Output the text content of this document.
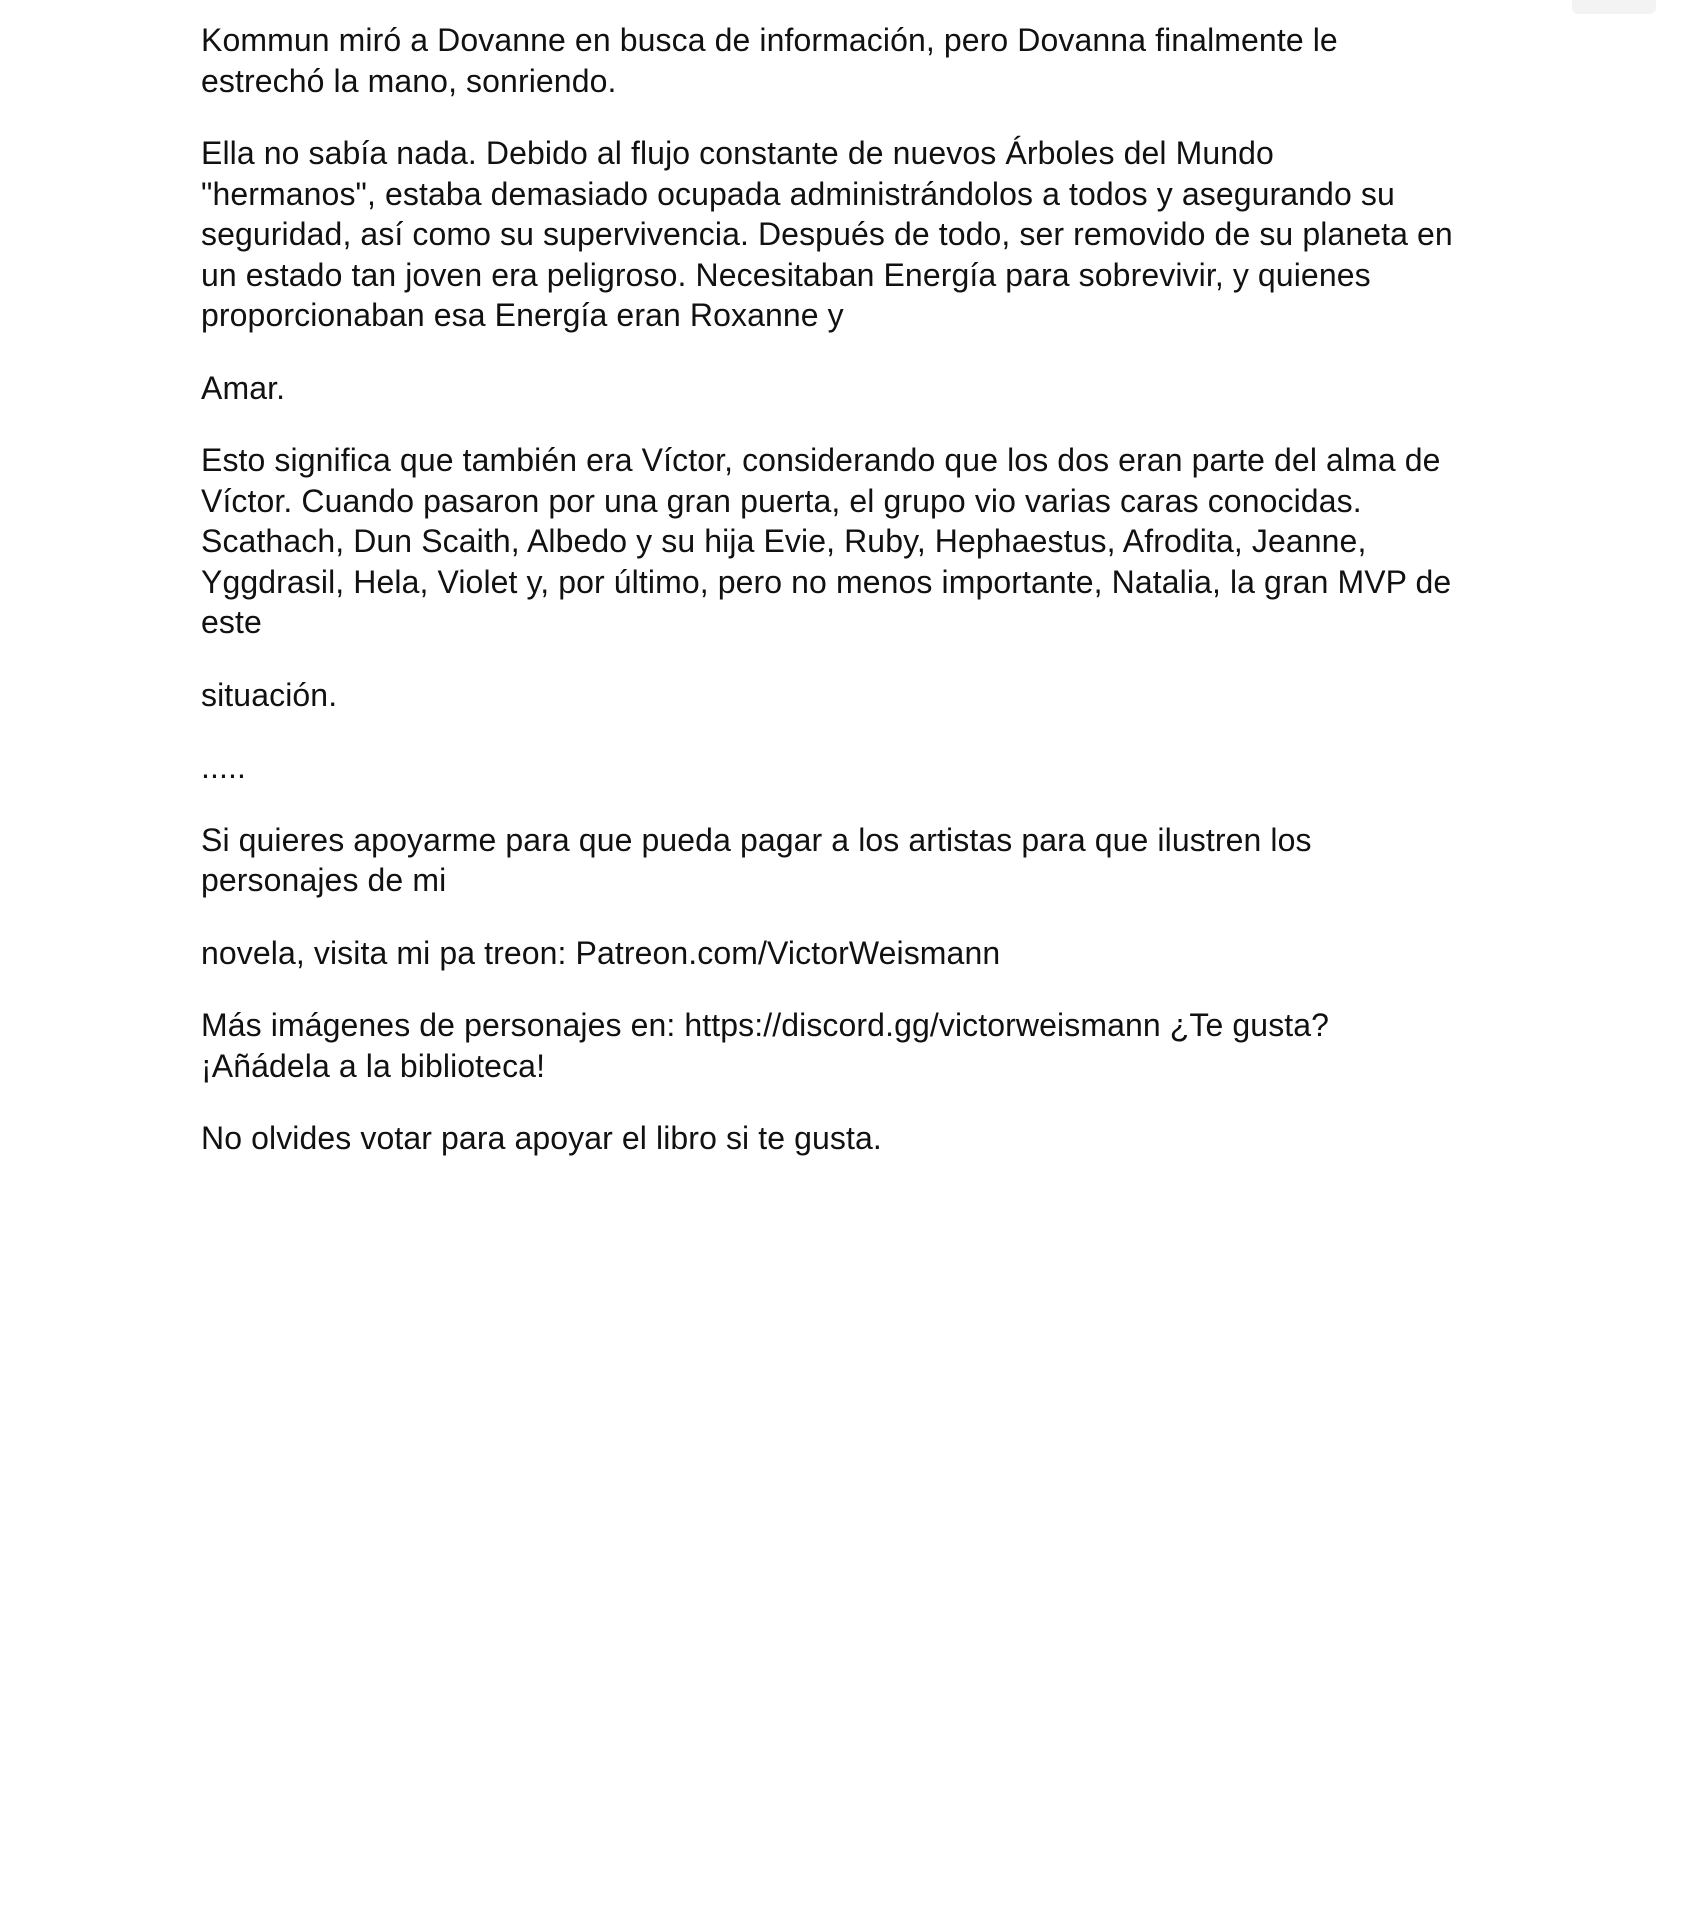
Kommun miró a Dovanne en busca de información, pero Dovanna finalmente le
estrechó la mano, sonriendo.

Ella no sabía nada. Debido al flujo constante de nuevos Árboles del Mundo
"hermanos", estaba demasiado ocupada administrándolos a todos y asegurando su
seguridad, así como su supervivencia. Después de todo, ser removido de su planeta en
un estado tan joven era peligroso. Necesitaban Energía para sobrevivir, y quienes
proporcionaban esa Energía eran Roxanne y

Amar.

Esto significa que también era Víctor, considerando que los dos eran parte del alma de
Víctor. Cuando pasaron por una gran puerta, el grupo vio varias caras conocidas.
Scathach, Dun Scaith, Albedo y su hija Evie, Ruby, Hephaestus, Afrodita, Jeanne,
Yggdrasil, Hela, Violet y, por último, pero no menos importante, Natalia, la gran MVP de
este

situación.

.....

Si quieres apoyarme para que pueda pagar a los artistas para que ilustren los
personajes de mi

novela, visita mi pa treon: Patreon.com/VictorWeismann

Más imágenes de personajes en: https://discord.gg/victorweismann ¿Te gusta?
¡Añádela a la biblioteca!

No olvides votar para apoyar el libro si te gusta.
